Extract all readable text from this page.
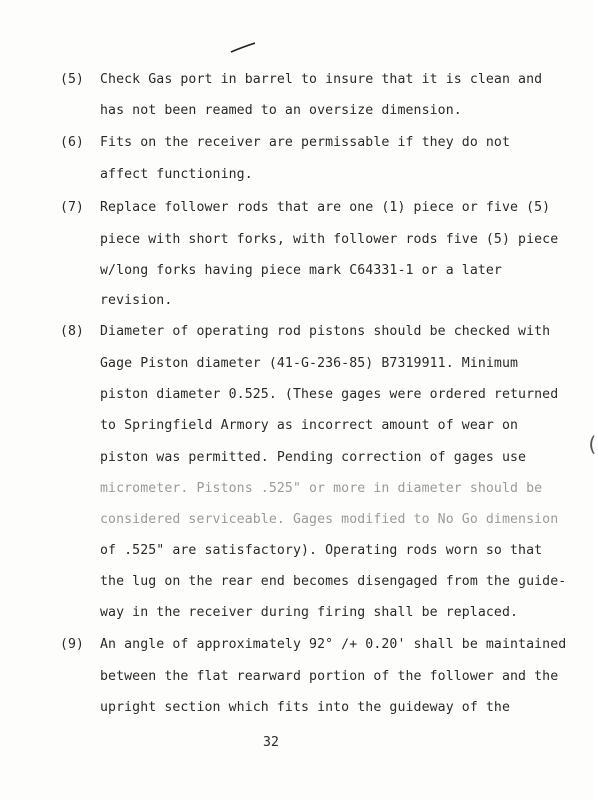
(5) Check Gas port in barrel to insure that it is clean and
has not been reamed to an oversize dimension.
(6) Fits on the receiver are permissable if they do not
affect functioning.
(7) Replace follower rods that are one (1) piece or five (5)
piece with short forks, with follower rods five (5) piece
w/long forks having piece mark C64331-1 or a later
revision.
(8) Diameter of operating rod pistons should be checked with
Gage Piston diameter (41-G-236-85) B7319911. Minimum
piston diameter 0.525. (These gages were ordered returned
to Springfield Armory as incorrect amount of wear on
piston was permitted. Pending correction of gages use
micrometer. Pistons .525" or more in diameter should be
considered serviceable. Gages modified to No Go dimension
of .525" are satisfactory). Operating rods worn so that
the lug on the rear end becomes disengaged from the guide-
way in the receiver during firing shall be replaced.
(9) An angle of approximately 92° ∕+ 0.20' shall be maintained
between the flat rearward portion of the follower and the
upright section which fits into the guideway of the
(
32
